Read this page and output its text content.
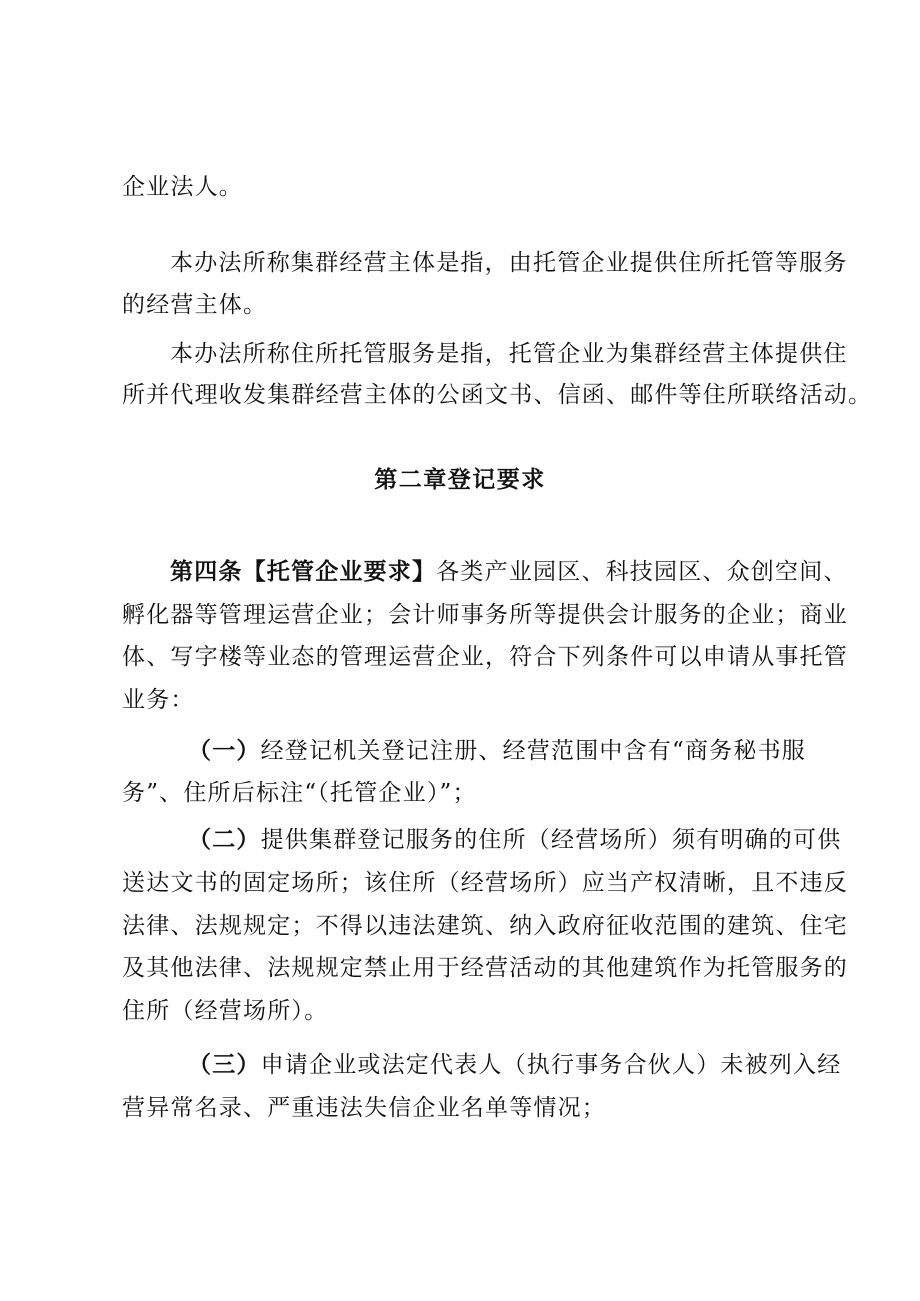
企业法人。
本办法所称集群经营主体是指，由托管企业提供住所托管等服务
的经营主体。
本办法所称住所托管服务是指，托管企业为集群经营主体提供住
所并代理收发集群经营主体的公函文书、信函、邮件等住所联络活动。
第二章登记要求
第四条【托管企业要求】各类产业园区、科技园区、众创空间、
孵化器等管理运营企业；会计师事务所等提供会计服务的企业；商业
体、写字楼等业态的管理运营企业，符合下列条件可以申请从事托管
业务：
（一）经登记机关登记注册、经营范围中含有“商务秘书服
务”、住所后标注“（托管企业）”；
（二）提供集群登记服务的住所（经营场所）须有明确的可供
送达文书的固定场所；该住所（经营场所）应当产权清晰，且不违反
法律、法规规定；不得以违法建筑、纳入政府征收范围的建筑、住宅
及其他法律、法规规定禁止用于经营活动的其他建筑作为托管服务的
住所（经营场所）。
（三）申请企业或法定代表人（执行事务合伙人）未被列入经
营异常名录、严重违法失信企业名单等情况；
